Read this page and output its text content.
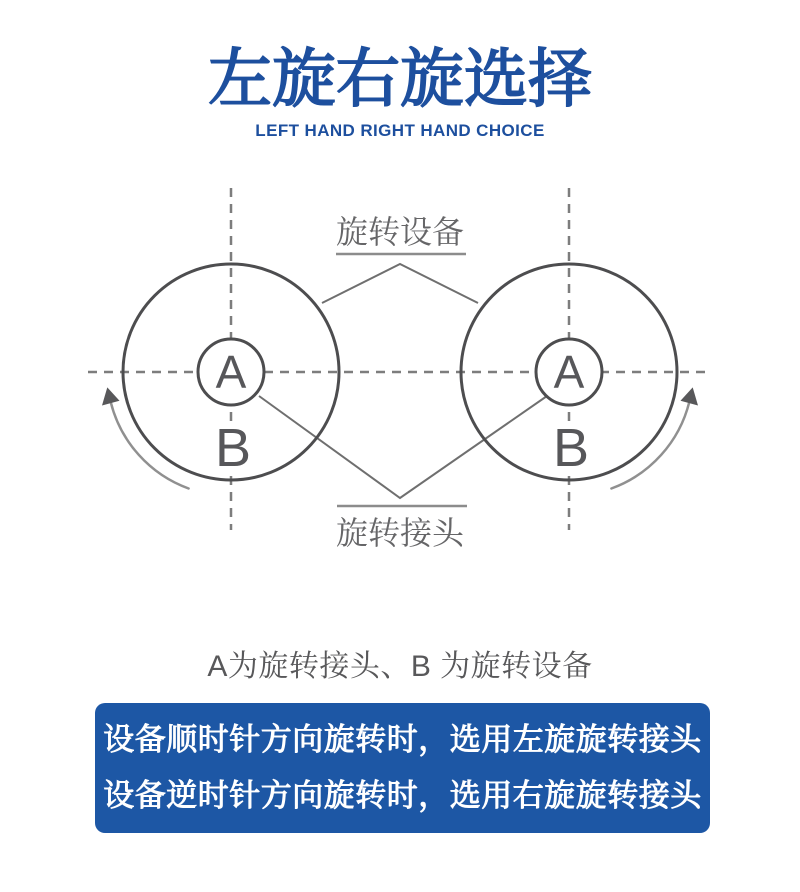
左旋右旋选择
LEFT HAND RIGHT HAND CHOICE
A	A
B	B
旋转设备
旋转接头
A为旋转接头、B 为旋转设备
设备顺时针方向旋转时，选用左旋旋转接头
设备逆时针方向旋转时，选用右旋旋转接头
